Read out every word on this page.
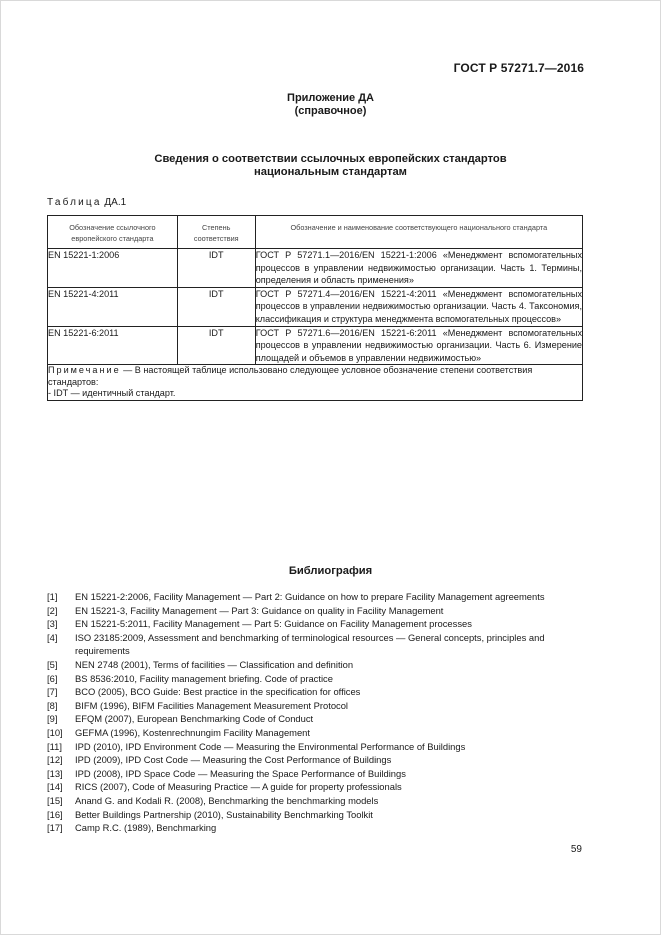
ГОСТ Р 57271.7—2016
Приложение ДА
(справочное)
Сведения о соответствии ссылочных европейских стандартов
национальным стандартам
Таблица ДА.1
Обозначение ссылочного европейского стандарта	Степень соответствия	Обозначение и наименование соответствующего национального стандарта
EN 15221-1:2006	IDT	ГОСТ Р 57271.1—2016/EN 15221-1:2006 «Менеджмент вспомогательных процессов в управлении недвижимостью организации. Часть 1. Термины, определения и область применения»
EN 15221-4:2011	IDT	ГОСТ Р 57271.4—2016/EN 15221-4:2011 «Менеджмент вспомогательных процессов в управлении недвижимостью организации. Часть 4. Таксономия, классификация и структура менеджмента вспомогательных процессов»
EN 15221-6:2011	IDT	ГОСТ Р 57271.6—2016/EN 15221-6:2011 «Менеджмент вспомогательных процессов в управлении недвижимостью организации. Часть 6. Измерение площадей и объемов в управлении недвижимостью»
Примечание — В настоящей таблице использовано следующее условное обозначение степени соответствия стандартов:
- IDT — идентичный стандарт.		
Библиография
[1] EN 15221-2:2006, Facility Management — Part 2: Guidance on how to prepare Facility Management agreements
[2] EN 15221-3, Facility Management — Part 3: Guidance on quality in Facility Management
[3] EN 15221-5:2011, Facility Management — Part 5: Guidance on Facility Management processes
[4] ISO 23185:2009, Assessment and benchmarking of terminological resources — General concepts, principles and requirements
[5] NEN 2748 (2001), Terms of facilities — Classification and definition
[6] BS 8536:2010, Facility management briefing. Code of practice
[7] BCO (2005), BCO Guide: Best practice in the specification for offices
[8] BIFM (1996), BIFM Facilities Management Measurement Protocol
[9] EFQM (2007), European Benchmarking Code of Conduct
[10] GEFMA (1996), Kostenrechnungim Facility Management
[11] IPD (2010), IPD Environment Code — Measuring the Environmental Performance of Buildings
[12] IPD (2009), IPD Cost Code — Measuring the Cost Performance of Buildings
[13] IPD (2008), IPD Space Code — Measuring the Space Performance of Buildings
[14] RICS (2007), Code of Measuring Practice — A guide for property professionals
[15] Anand G. and Kodali R. (2008), Benchmarking the benchmarking models
[16] Better Buildings Partnership (2010), Sustainability Benchmarking Toolkit
[17] Camp R.C. (1989), Benchmarking
59
